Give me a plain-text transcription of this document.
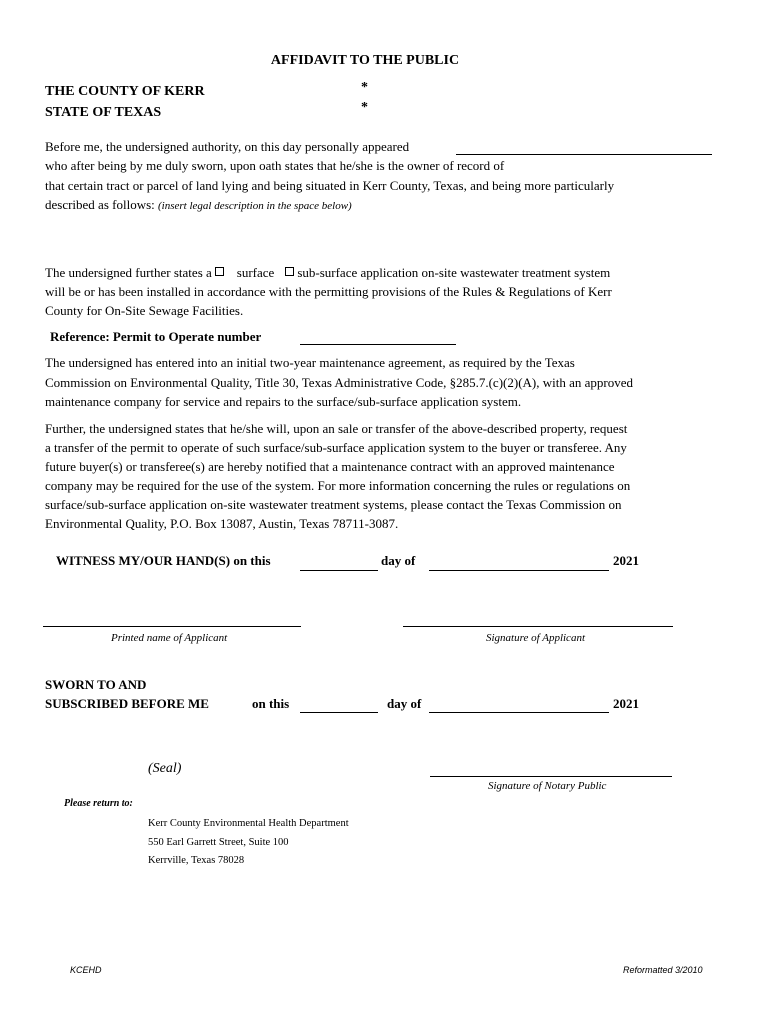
AFFIDAVIT TO THE PUBLIC
THE COUNTY OF KERR	*
STATE OF TEXAS	*
Before me, the undersigned authority, on this day personally appeared
who after being by me duly sworn, upon oath states that he/she is the owner of record of
that certain tract or parcel of land lying and being situated in Kerr County, Texas, and being more particularly
described as follows: (insert legal description in the space below)
The undersigned further states a surface sub-surface application on-site wastewater treatment system
will be or has been installed in accordance with the permitting provisions of the Rules & Regulations of Kerr
County for On-Site Sewage Facilities.
Reference: Permit to Operate number
The undersigned has entered into an initial two-year maintenance agreement, as required by the Texas
Commission on Environmental Quality, Title 30, Texas Administrative Code, §285.7.(c)(2)(A), with an approved
maintenance company for service and repairs to the surface/sub-surface application system.
Further, the undersigned states that he/she will, upon an sale or transfer of the above-described property, request
a transfer of the permit to operate of such surface/sub-surface application system to the buyer or transferee. Any
future buyer(s) or transferee(s) are hereby notified that a maintenance contract with an approved maintenance
company may be required for the use of the system. For more information concerning the rules or regulations on
surface/sub-surface application on-site wastewater treatment systems, please contact the Texas Commission on
Environmental Quality, P.O. Box 13087, Austin, Texas 78711-3087.
WITNESS MY/OUR HAND(S) on this	day of	2021
Printed name of Applicant	Signature of Applicant
SWORN TO AND
SUBSCRIBED BEFORE ME	on this	day of	2021
(Seal)
Signature of Notary Public
Please return to:
Kerr County Environmental Health Department
550 Earl Garrett Street, Suite 100
Kerrville, Texas 78028
KCEHD	Reformatted 3/2010
